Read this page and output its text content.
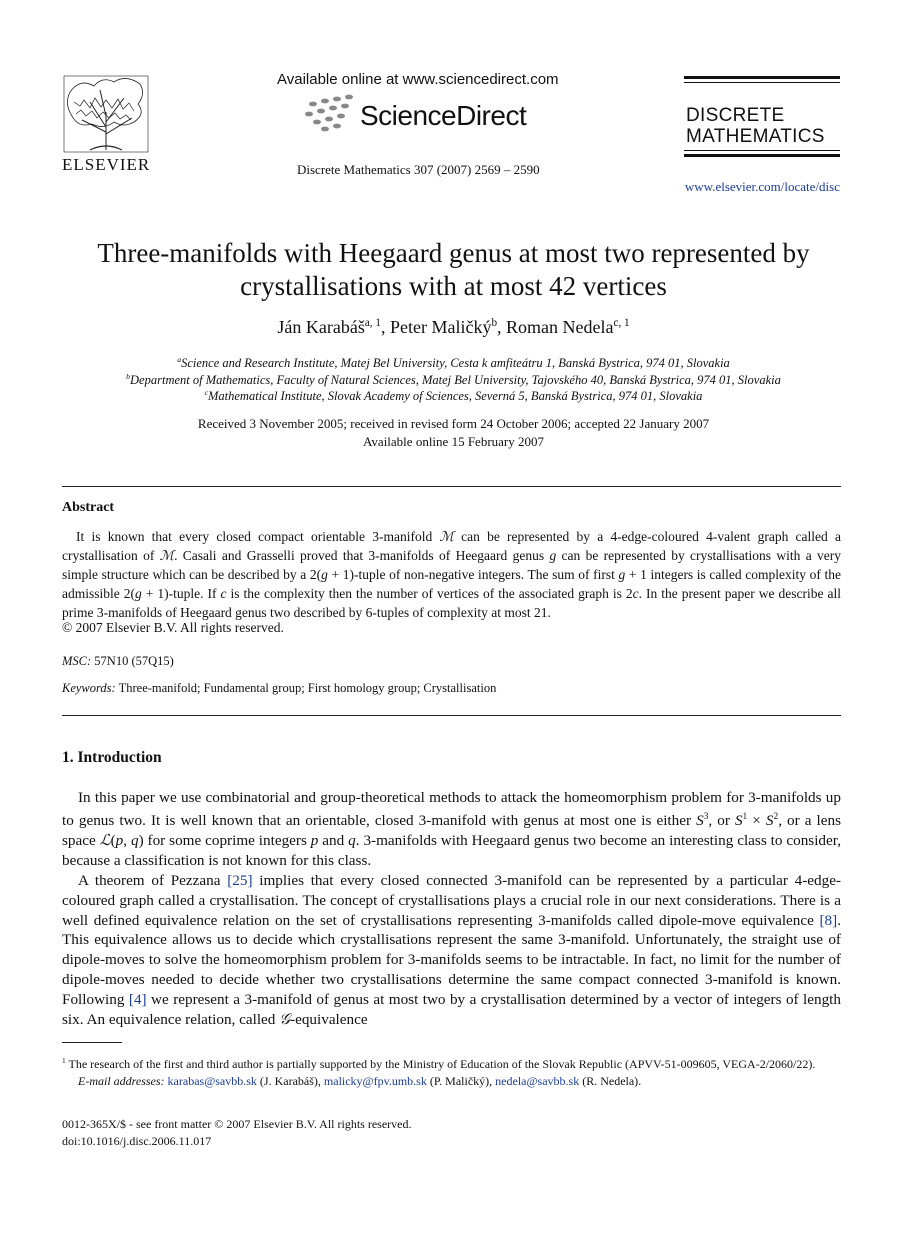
ELSEVIER
Available online at www.sciencedirect.com
ScienceDirect
Discrete Mathematics 307 (2007) 2569 – 2590
DISCRETE
MATHEMATICS
www.elsevier.com/locate/disc
Three-manifolds with Heegaard genus at most two represented by
crystallisations with at most 42 vertices
Ján Karabáš$^{a, 1}$, Peter Maličký$^b$, Roman Nedela$^{c, 1}$
$^a$Science and Research Institute, Matej Bel University, Cesta k amfiteátru 1, Banská Bystrica, 974 01, Slovakia
$^b$Department of Mathematics, Faculty of Natural Sciences, Matej Bel University, Tajovského 40, Banská Bystrica, 974 01, Slovakia
$^c$Mathematical Institute, Slovak Academy of Sciences, Severná 5, Banská Bystrica, 974 01, Slovakia
Received 3 November 2005; received in revised form 24 October 2006; accepted 22 January 2007
Available online 15 February 2007
Abstract

It is known that every closed compact orientable 3-manifold ℳ can be represented by a 4-edge-coloured 4-valent graph called a crystallisation of ℳ. Casali and Grasselli proved that 3-manifolds of Heegaard genus g can be represented by crystallisations with a very simple structure which can be described by a 2(g + 1)-tuple of non-negative integers. The sum of first g + 1 integers is called complexity of the admissible 2(g + 1)-tuple. If c is the complexity then the number of vertices of the associated graph is 2c. In the present paper we describe all prime 3-manifolds of Heegaard genus two described by 6-tuples of complexity at most 21.

© 2007 Elsevier B.V. All rights reserved.
MSC: 57N10 (57Q15)
Keywords: Three-manifold; Fundamental group; First homology group; Crystallisation
1. Introduction

In this paper we use combinatorial and group-theoretical methods to attack the homeomorphism problem for 3-manifolds up to genus two. It is well known that an orientable, closed 3-manifold with genus at most one is either $S^3$, or $S^1 \times S^2$, or a lens space ℒ(p, q) for some coprime integers p and q. 3-manifolds with Heegaard genus two become an interesting class to consider, because a classification is not known for this class.

A theorem of Pezzana [25] implies that every closed connected 3-manifold can be represented by a particular 4-edge-coloured graph called a crystallisation. The concept of crystallisations plays a crucial role in our next considerations. There is a well defined equivalence relation on the set of crystallisations representing 3-manifolds called dipole-move equivalence [8]. This equivalence allows us to decide which crystallisations represent the same 3-manifold. Unfortunately, the straight use of dipole-moves to solve the homeomorphism problem for 3-manifolds seems to be intractable. In fact, no limit for the number of dipole-moves needed to decide whether two crystallisations determine the same compact connected 3-manifold is known. Following [4] we represent a 3-manifold of genus at most two by a crystallisation determined by a vector of integers of length six. An equivalence relation, called 𝒢-equivalence

$^1$ The research of the first and third author is partially supported by the Ministry of Education of the Slovak Republic (APVV-51-009605, VEGA-2/2060/22).
E-mail addresses: karabas@savbb.sk (J. Karabáš), malicky@fpv.umb.sk (P. Maličký), nedela@savbb.sk (R. Nedela).
0012-365X/$ - see front matter © 2007 Elsevier B.V. All rights reserved.
doi:10.1016/j.disc.2006.11.017
